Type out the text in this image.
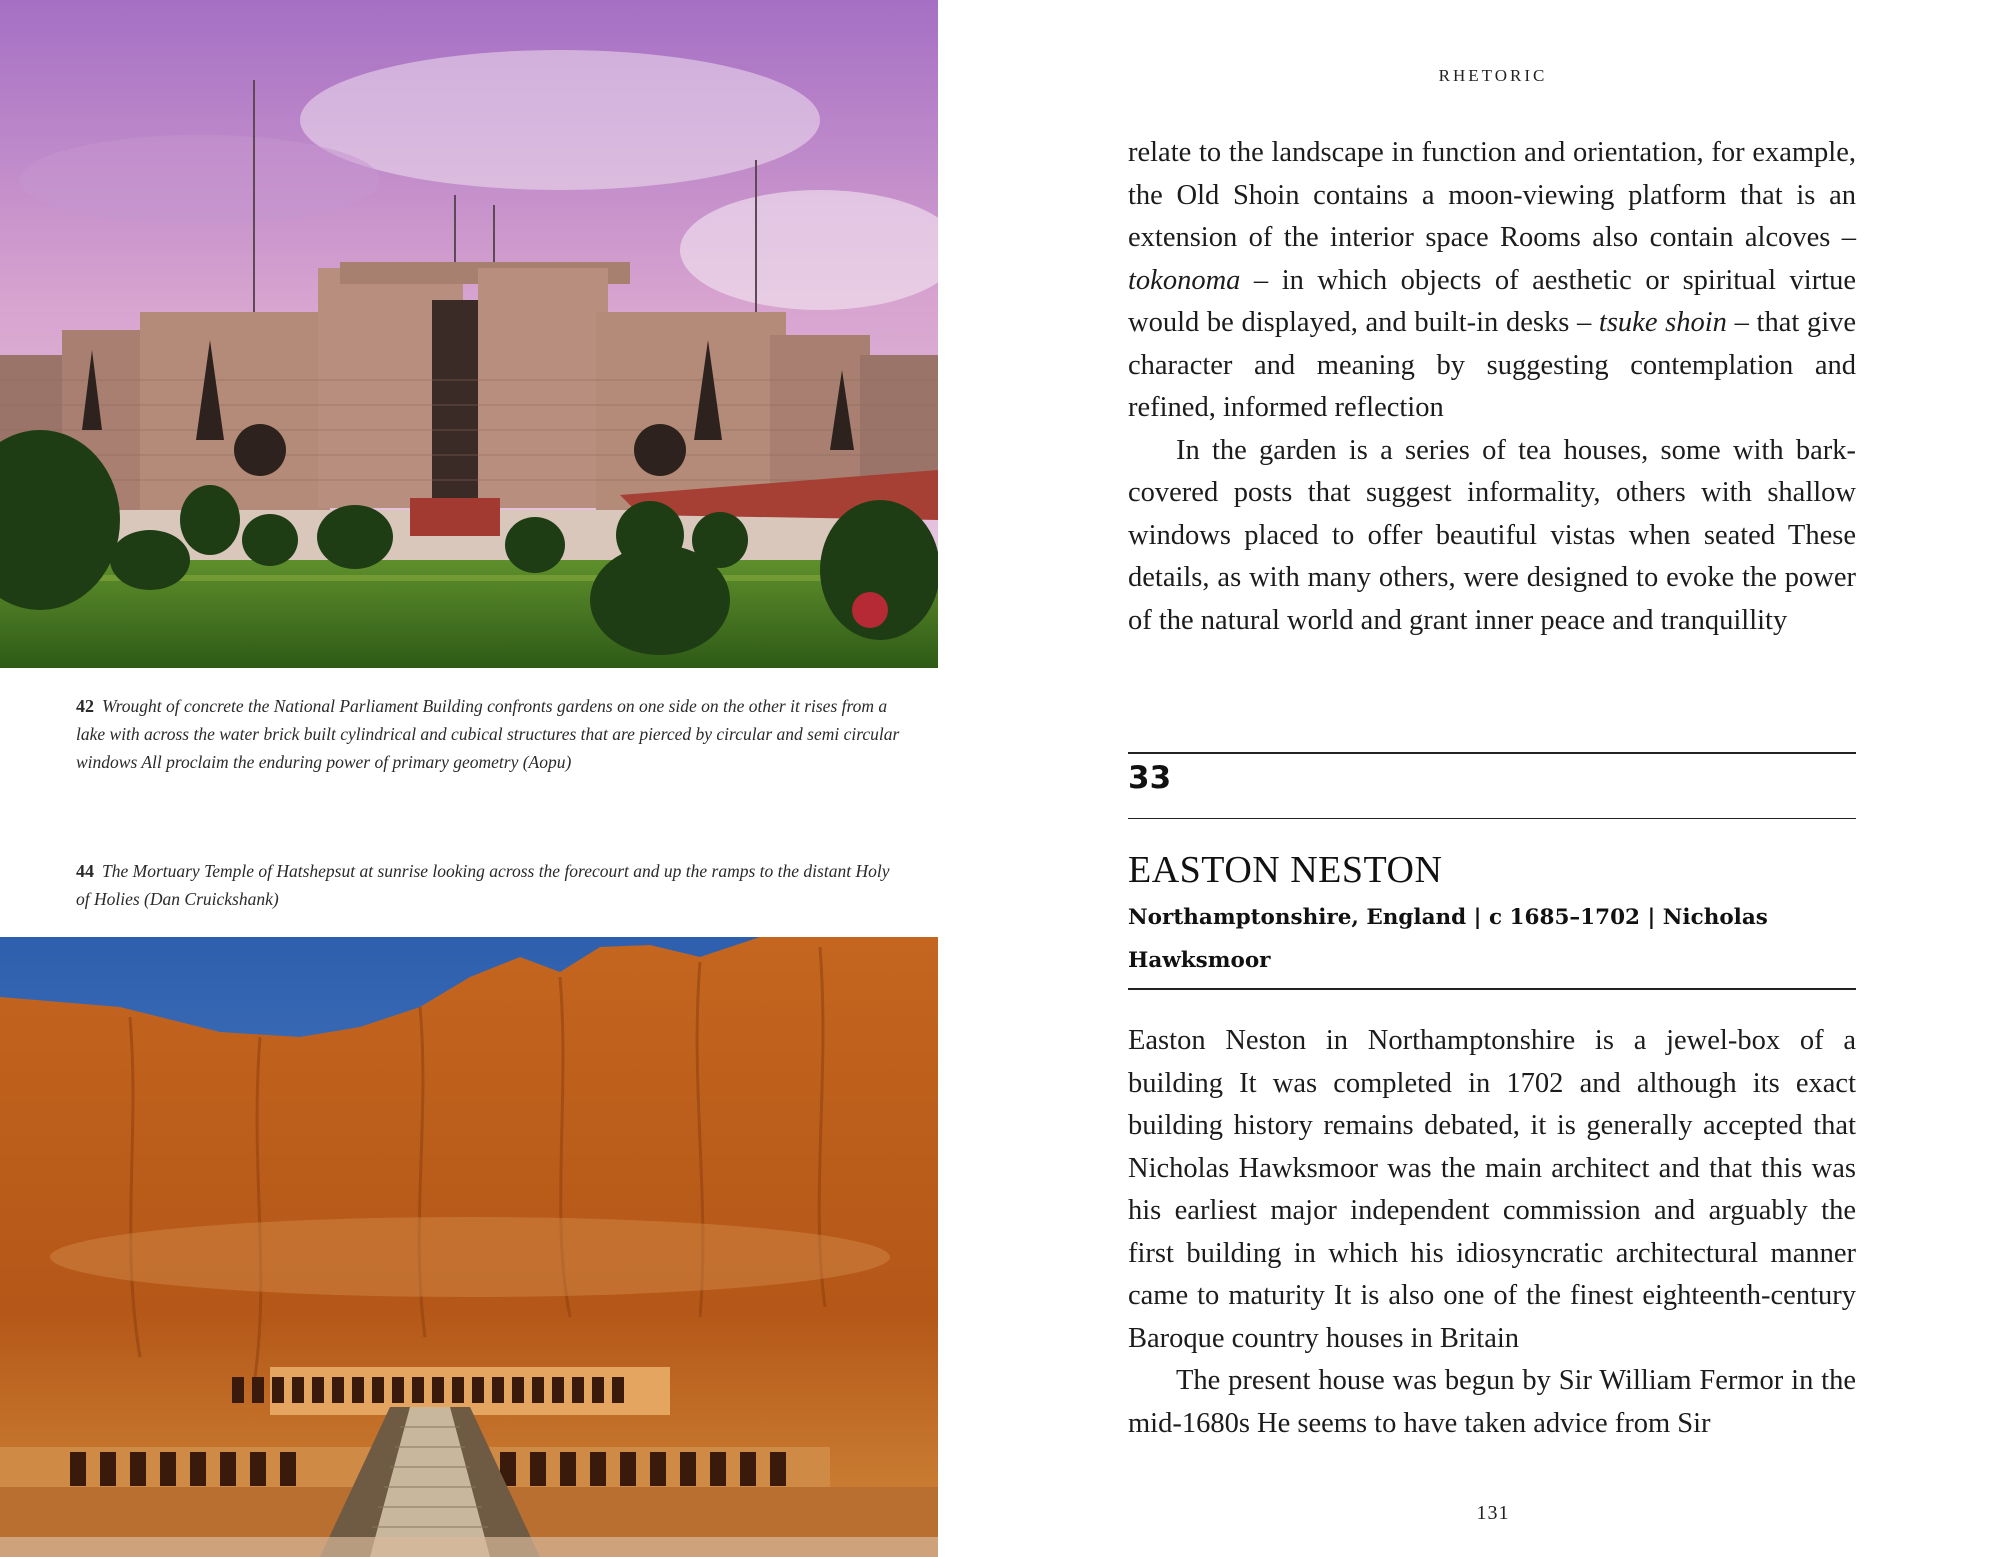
42 Wrought of concrete the National Parliament Building confronts gardens on one side on the other it rises from a lake with across the water brick built cylindrical and cubical structures that are pierced by circular and semi circular windows All proclaim the enduring power of primary geometry (Aopu)
44 The Mortuary Temple of Hatshepsut at sunrise looking across the forecourt and up the ramps to the distant Holy of Holies (Dan Cruickshank)
RHETORIC

relate to the landscape in function and orientation, for example, the Old Shoin contains a moon-viewing platform that is an extension of the interior space Rooms also contain alcoves – tokonoma – in which objects of aesthetic or spiritual virtue would be displayed, and built-in desks – tsuke shoin – that give character and meaning by suggesting contemplation and refined, informed reflection

In the garden is a series of tea houses, some with bark-covered posts that suggest informality, others with shallow windows placed to offer beautiful vistas when seated These details, as with many others, were designed to evoke the power of the natural world and grant inner peace and tranquillity

33
EASTON NESTON
Northamptonshire, England | c 1685–1702 | Nicholas Hawksmoor

Easton Neston in Northamptonshire is a jewel-box of a building It was completed in 1702 and although its exact building history remains debated, it is generally accepted that Nicholas Hawksmoor was the main architect and that this was his earliest major independent commission and arguably the first building in which his idiosyncratic architectural manner came to maturity It is also one of the finest eighteenth-century Baroque country houses in Britain

The present house was begun by Sir William Fermor in the mid-1680s He seems to have taken advice from Sir

131
